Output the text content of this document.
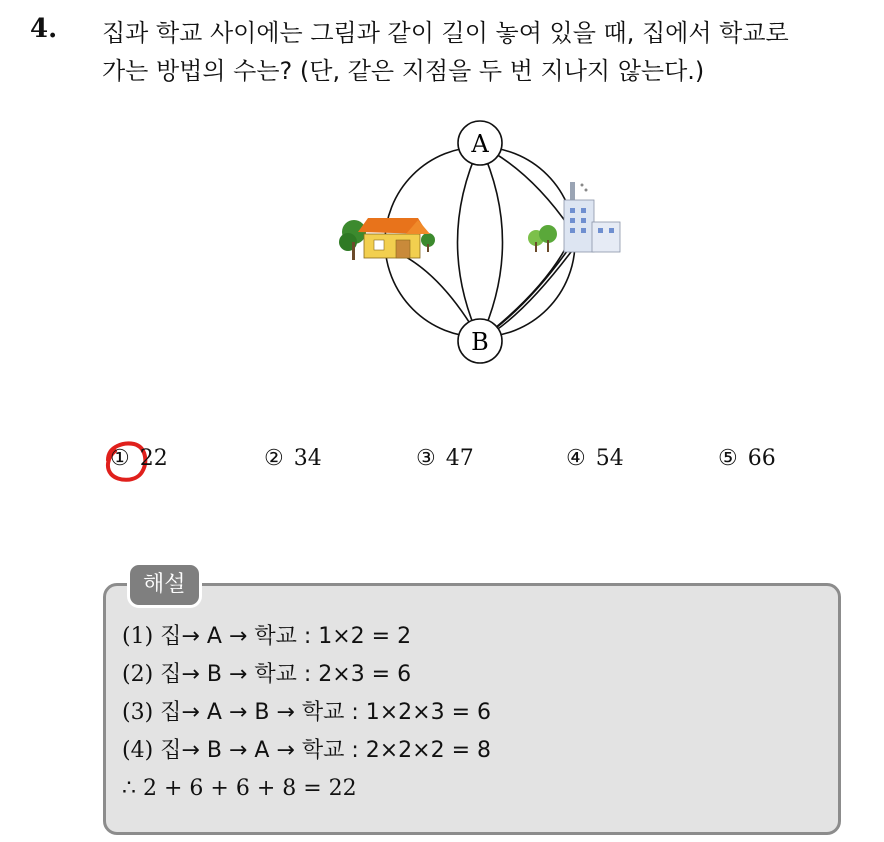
4. 집과 학교 사이에는 그림과 같이 길이 놓여 있을 때, 집에서 학교로
가는 방법의 수는? (단, 같은 지점을 두 번 지나지 않는다.)
A
B
① 22	② 34	③ 47	④ 54	⑤ 66
해설
(1) 집→ A → 학교 : 1×2 = 2
(2) 집→ B → 학교 : 2×3 = 6
(3) 집→ A → B → 학교 : 1×2×3 = 6
(4) 집→ B → A → 학교 : 2×2×2 = 8
∴ 2 + 6 + 6 + 8 = 22
